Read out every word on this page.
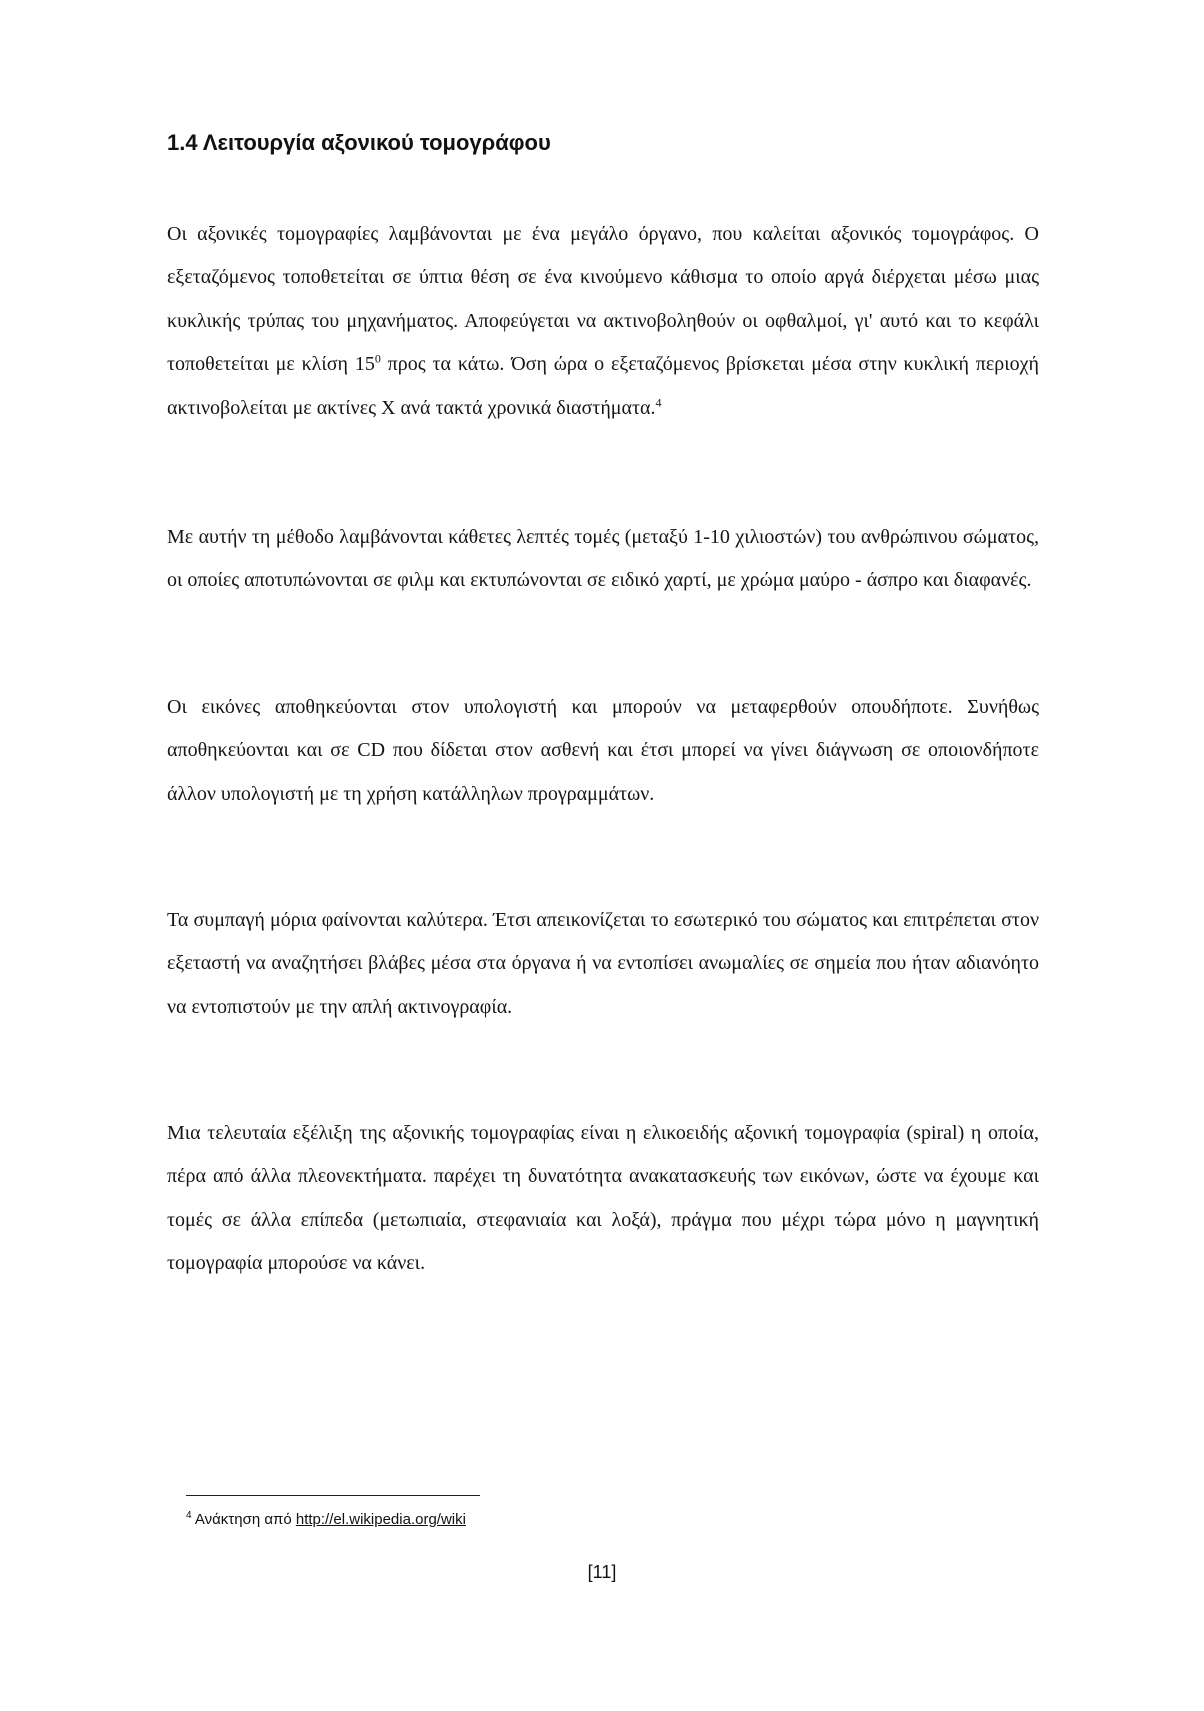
1.4 Λειτουργία αξονικού τομογράφου

Οι αξονικές τομογραφίες λαμβάνονται με ένα μεγάλο όργανο, που καλείται αξονικός τομογράφος. Ο εξεταζόμενος τοποθετείται σε ύπτια θέση σε ένα κινούμενο κάθισμα το οποίο αργά διέρχεται μέσω μιας κυκλικής τρύπας του μηχανήματος. Αποφεύγεται να ακτινοβοληθούν οι οφθαλμοί, γι' αυτό και το κεφάλι τοποθετείται με κλίση $15^0$ προς τα κάτω. Όση ώρα ο εξεταζόμενος βρίσκεται μέσα στην κυκλική περιοχή ακτινοβολείται με ακτίνες Χ ανά τακτά χρονικά διαστήματα.$^4$

Με αυτήν τη μέθοδο λαμβάνονται κάθετες λεπτές τομές (μεταξύ 1-10 χιλιοστών) του ανθρώπινου σώματος, οι οποίες αποτυπώνονται σε φιλμ και εκτυπώνονται σε ειδικό χαρτί, με χρώμα μαύρο - άσπρο και διαφανές.

Οι εικόνες αποθηκεύονται στον υπολογιστή και μπορούν να μεταφερθούν οπουδήποτε. Συνήθως αποθηκεύονται και σε CD που δίδεται στον ασθενή και έτσι μπορεί να γίνει διάγνωση σε οποιονδήποτε άλλον υπολογιστή με τη χρήση κατάλληλων προγραμμάτων.

Τα συμπαγή μόρια φαίνονται καλύτερα. Έτσι απεικονίζεται το εσωτερικό του σώματος και επιτρέπεται στον εξεταστή να αναζητήσει βλάβες μέσα στα όργανα ή να εντοπίσει ανωμαλίες σε σημεία που ήταν αδιανόητο να εντοπιστούν με την απλή ακτινογραφία.

Μια τελευταία εξέλιξη της αξονικής τομογραφίας είναι η ελικοειδής αξονική τομογραφία (spiral) η οποία, πέρα από άλλα πλεονεκτήματα. παρέχει τη δυνατότητα ανακατασκευής των εικόνων, ώστε να έχουμε και τομές σε άλλα επίπεδα (μετωπιαία, στεφανιαία και λοξά), πράγμα που μέχρι τώρα μόνο η μαγνητική τομογραφία μπορούσε να κάνει.

$^4$ Ανάκτηση από http://el.wikipedia.org/wiki
[11]
